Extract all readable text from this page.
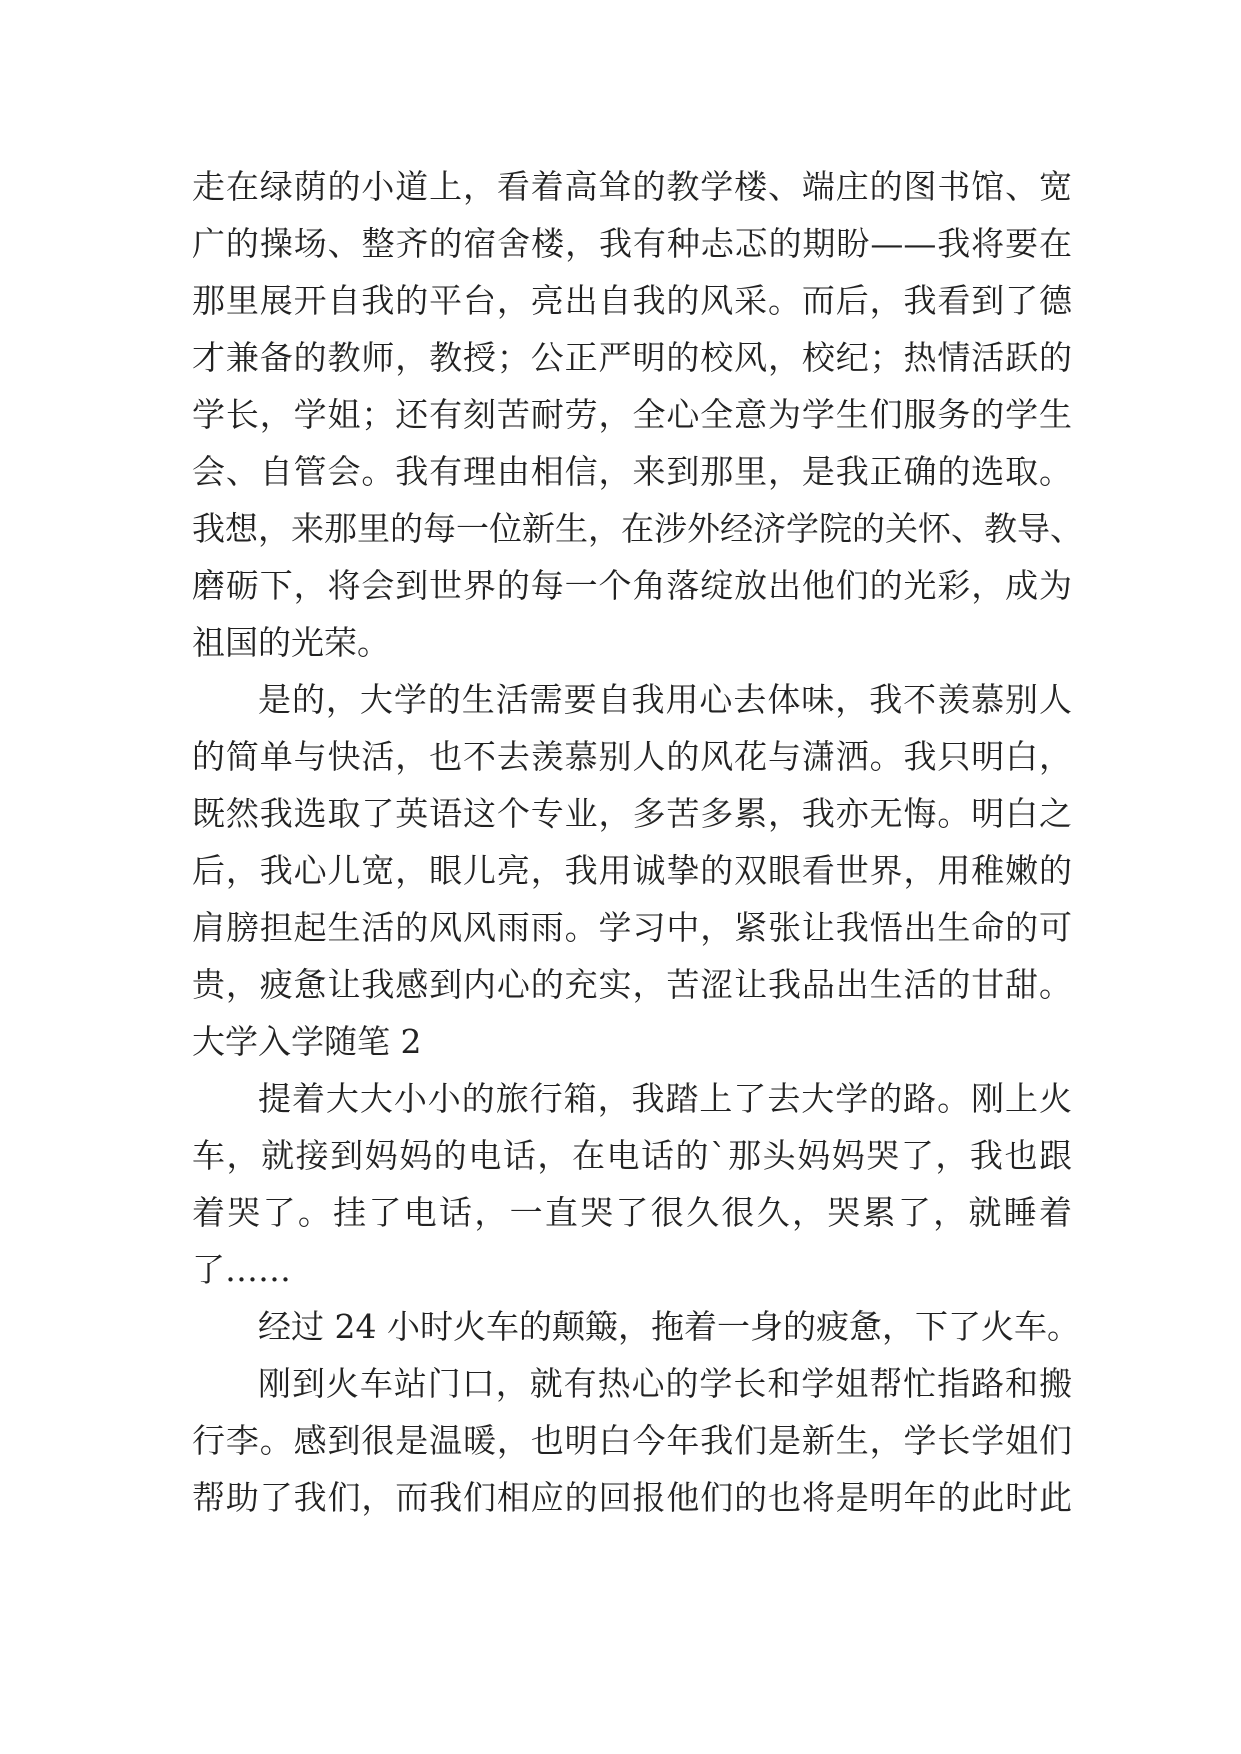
走在绿荫的小道上，看着高耸的教学楼、端庄的图书馆、宽
广的操场、整齐的宿舍楼，我有种忐忑的期盼——我将要在
那里展开自我的平台，亮出自我的风采。而后，我看到了德
才兼备的教师，教授；公正严明的校风，校纪；热情活跃的
学长，学姐；还有刻苦耐劳，全心全意为学生们服务的学生
会、自管会。我有理由相信，来到那里，是我正确的选取。
我想，来那里的每一位新生，在涉外经济学院的关怀、教导、
磨砺下，将会到世界的每一个角落绽放出他们的光彩，成为
祖国的光荣。
是的，大学的生活需要自我用心去体味，我不羡慕别人
的简单与快活，也不去羡慕别人的风花与潇洒。我只明白，
既然我选取了英语这个专业，多苦多累，我亦无悔。明白之
后，我心儿宽，眼儿亮，我用诚挚的双眼看世界，用稚嫩的
肩膀担起生活的风风雨雨。学习中，紧张让我悟出生命的可
贵，疲惫让我感到内心的充实，苦涩让我品出生活的甘甜。
大学入学随笔 2
提着大大小小的旅行箱，我踏上了去大学的路。刚上火
车，就接到妈妈的电话，在电话的`那头妈妈哭了，我也跟
着哭了。挂了电话，一直哭了很久很久，哭累了，就睡着
了……
经过 24 小时火车的颠簸，拖着一身的疲惫，下了火车。
刚到火车站门口，就有热心的学长和学姐帮忙指路和搬
行李。感到很是温暖，也明白今年我们是新生，学长学姐们
帮助了我们，而我们相应的回报他们的也将是明年的此时此
